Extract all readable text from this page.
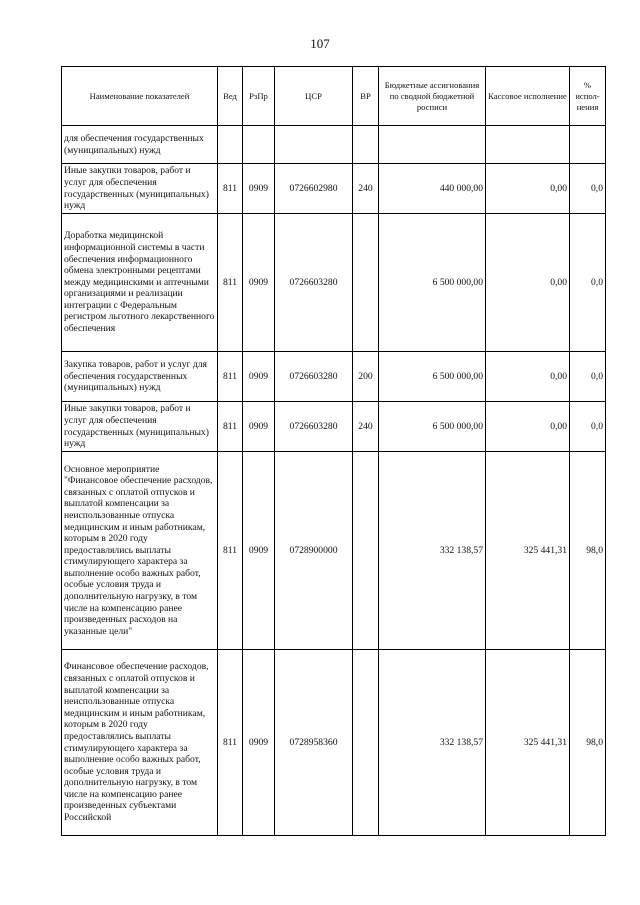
107
Наименование показателей	Вед	РзПр	ЦСР	ВР	Бюджетные ассигнования по сводной бюджетной росписи	Кассовое исполнение	% испол-нения
для обеспечения государственных (муниципальных) нужд							
Иные закупки товаров, работ и услуг для обеспечения государственных (муниципальных) нужд	811	0909	0726602980	240	440 000,00	0,00	0,0
Доработка медицинской информационной системы в части обеспечения информационного обмена электронными рецептами между медицинскими и аптечными организациями и реализации интеграции с Федеральным регистром льготного лекарственного обеспечения	811	0909	0726603280		6 500 000,00	0,00	0,0
Закупка товаров, работ и услуг для обеспечения государственных (муниципальных) нужд	811	0909	0726603280	200	6 500 000,00	0,00	0,0
Иные закупки товаров, работ и услуг для обеспечения государственных (муниципальных) нужд	811	0909	0726603280	240	6 500 000,00	0,00	0,0
Основное мероприятие "Финансовое обеспечение расходов, связанных с оплатой отпусков и выплатой компенсации за неиспользованные отпуска медицинским и иным работникам, которым в 2020 году предоставлялись выплаты стимулирующего характера за выполнение особо важных работ, особые условия труда и дополнительную нагрузку, в том числе на компенсацию ранее произведенных расходов на указанные цели"	811	0909	0728900000		332 138,57	325 441,31	98,0
Финансовое обеспечение расходов, связанных с оплатой отпусков и выплатой компенсации за неиспользованные отпуска медицинским и иным работникам, которым в 2020 году предоставлялись выплаты стимулирующего характера за выполнение особо важных работ, особые условия труда и дополнительную нагрузку, в том числе на компенсацию ранее произведенных субъектами Российской	811	0909	0728958360		332 138,57	325 441,31	98,0
